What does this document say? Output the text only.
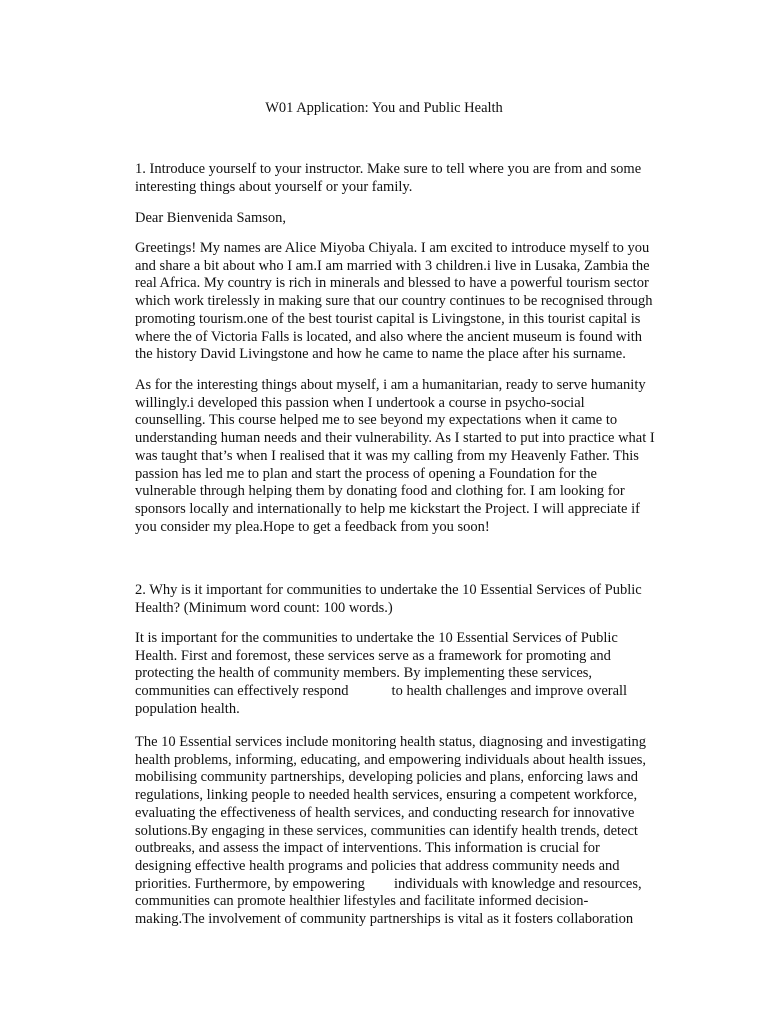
W01 Application: You and Public Health

1. Introduce yourself to your instructor. Make sure to tell where you are from and some
interesting things about yourself or your family.

Dear Bienvenida Samson,

Greetings! My names are Alice Miyoba Chiyala. I am excited to introduce myself to you
and share a bit about who I am.I am married with 3 children.i live in Lusaka, Zambia the
real Africa. My country is rich in minerals and blessed to have a powerful tourism sector
which work tirelessly in making sure that our country continues to be recognised through
promoting tourism.one of the best tourist capital is Livingstone, in this tourist capital is
where the of Victoria Falls is located, and also where the ancient museum is found with
the history David Livingstone and how he came to name the place after his surname.

As for the interesting things about myself, i am a humanitarian, ready to serve humanity
willingly.i developed this passion when I undertook a course in psycho-social
counselling. This course helped me to see beyond my expectations when it came to
understanding human needs and their vulnerability. As I started to put into practice what I
was taught that’s when I realised that it was my calling from my Heavenly Father. This
passion has led me to plan and start the process of opening a Foundation for the
vulnerable through helping them by donating food and clothing for. I am looking for
sponsors locally and internationally to help me kickstart the Project. I will appreciate if
you consider my plea.Hope to get a feedback from you soon!

2. Why is it important for communities to undertake the 10 Essential Services of Public
Health? (Minimum word count: 100 words.)

It is important for the communities to undertake the 10 Essential Services of Public
Health. First and foremost, these services serve as a framework for promoting and
protecting the health of community members. By implementing these services,
communities can effectively respond	to health challenges and improve overall
population health.

The 10 Essential services include monitoring health status, diagnosing and investigating
health problems, informing, educating, and empowering individuals about health issues,
mobilising community partnerships, developing policies and plans, enforcing laws and
regulations, linking people to needed health services, ensuring a competent workforce,
evaluating the effectiveness of health services, and conducting research for innovative
solutions.By engaging in these services, communities can identify health trends, detect
outbreaks, and assess the impact of interventions. This information is crucial for
designing effective health programs and policies that address community needs and
priorities. Furthermore, by empowering individuals with knowledge and resources,
communities can promote healthier lifestyles and facilitate informed decision-
making.The involvement of community partnerships is vital as it fosters collaboration
